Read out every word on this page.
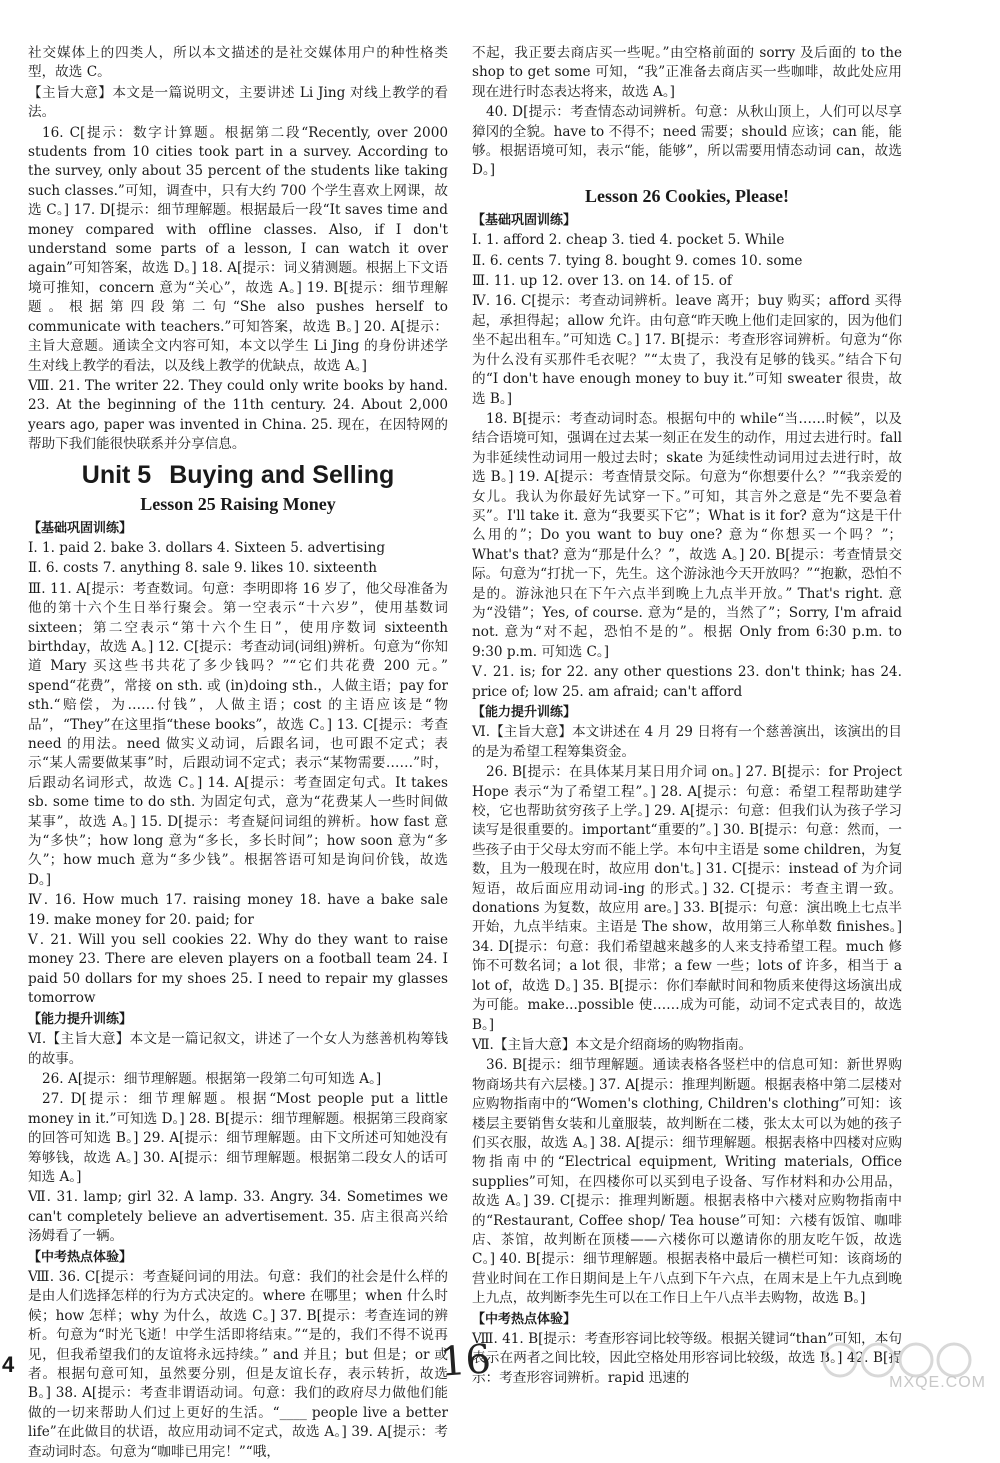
社交媒体上的四类人，所以本文描述的是社交媒体用户的种性格类型，故选 C。

【主旨大意】本文是一篇说明文，主要讲述 Li Jing 对线上教学的看法。

16. C[提示：数字计算题。根据第二段“Recently, over 2000 students from 10 cities took part in a survey. According to the survey, only about 35 percent of the students like taking such classes.”可知，调查中，只有大约 700 个学生喜欢上网课，故选 C。] 17. D[提示：细节理解题。根据最后一段“It saves time and money compared with offline classes. Also, if I don't understand some parts of a lesson, I can watch it over again”可知答案，故选 D。] 18. A[提示：词义猜测题。根据上下文语境可推知，concern 意为“关心”，故选 A。] 19. B[提示：细节理解题。根据第四段第二句“She also pushes herself to communicate with teachers.”可知答案，故选 B。] 20. A[提示：主旨大意题。通读全文内容可知，本文以学生 Li Jing 的身份讲述学生对线上教学的看法，以及线上教学的优缺点，故选 A。]

Ⅷ. 21. The writer 22. They could only write books by hand. 23. At the beginning of the 11th century. 24. About 2,000 years ago, paper was invented in China. 25. 现在，在因特网的帮助下我们能很快联系并分享信息。

Unit 5 Buying and Selling
Lesson 25 Raising Money
【基础巩固训练】

Ⅰ. 1. paid 2. bake 3. dollars 4. Sixteen 5. advertising

Ⅱ. 6. costs 7. anything 8. sale 9. likes 10. sixteenth

Ⅲ. 11. A[提示：考查数词。句意：李明即将 16 岁了，他父母准备为他的第十六个生日举行聚会。第一空表示“十六岁”，使用基数词 sixteen；第二空表示“第十六个生日”，使用序数词 sixteenth birthday，故选 A。] 12. C[提示：考查动词(词组)辨析。句意为“你知道 Mary 买这些书共花了多少钱吗？”“它们共花费 200 元。” spend“花费”，常接 on sth. 或 (in)doing sth.，人做主语；pay for sth.“赔偿，为……付钱”，人做主语；cost 的主语应该是“物品”，“They”在这里指“these books”，故选 C。] 13. C[提示：考查 need 的用法。need 做实义动词，后跟名词，也可跟不定式；表示“某人需要做某事”时，后跟动词不定式；表示“某物需要……”时，后跟动名词形式，故选 C。] 14. A[提示：考查固定句式。It takes sb. some time to do sth. 为固定句式，意为“花费某人一些时间做某事”，故选 A。] 15. D[提示：考查疑问词组的辨析。how fast 意为“多快”；how long 意为“多长，多长时间”；how soon 意为“多久”；how much 意为“多少钱”。根据答语可知是询问价钱，故选 D。]

Ⅳ. 16. How much 17. raising money 18. have a bake sale 19. make money for 20. paid; for

Ⅴ. 21. Will you sell cookies 22. Why do they want to raise money 23. There are eleven players on a football team 24. I paid 50 dollars for my shoes 25. I need to repair my glasses tomorrow

【能力提升训练】

Ⅵ.【主旨大意】本文是一篇记叙文，讲述了一个女人为慈善机构筹钱的故事。

26. A[提示：细节理解题。根据第一段第二句可知选 A。]

27. D[提示：细节理解题。根据“Most people put a little money in it.”可知选 D。] 28. B[提示：细节理解题。根据第三段商家的回答可知选 B。] 29. A[提示：细节理解题。由下文所述可知她没有筹够钱，故选 A。] 30. A[提示：细节理解题。根据第二段女人的话可知选 A。]

Ⅶ. 31. lamp; girl 32. A lamp. 33. Angry. 34. Sometimes we can't completely believe an advertisement. 35. 店主很高兴给汤姆看了一辆。

【中考热点体验】

Ⅷ. 36. C[提示：考查疑问词的用法。句意：我们的社会是什么样的是由人们选择怎样的行为方式决定的。where 在哪里；when 什么时候；how 怎样；why 为什么，故选 C。] 37. B[提示：考查连词的辨析。句意为“时光飞逝！中学生活即将结束。”“是的，我们不得不说再见，但我希望我们的友谊将永远持续。” and 并且；but 但是；or 或者。根据句意可知，虽然要分别，但是友谊长存，表示转折，故选 B。] 38. A[提示：考查非谓语动词。句意：我们的政府尽力做他们能做的一切来帮助人们过上更好的生活。“____ people live a better life”在此做目的状语，故应用动词不定式，故选 A。] 39. A[提示：考查动词时态。句意为“咖啡已用完！”“哦，

不起，我正要去商店买一些呢。”由空格前面的 sorry 及后面的 to the shop to get some 可知，“我”正准备去商店买一些咖啡，故此处应用现在进行时态表达将来，故选 A。]

40. D[提示：考查情态动词辨析。句意：从秋山顶上，人们可以尽享獐冈的全貌。have to 不得不；need 需要；should 应该；can 能，能够。根据语境可知，表示“能，能够”，所以需要用情态动词 can，故选 D。]

Lesson 26 Cookies, Please!
【基础巩固训练】

Ⅰ. 1. afford 2. cheap 3. tied 4. pocket 5. While

Ⅱ. 6. cents 7. tying 8. bought 9. comes 10. some

Ⅲ. 11. up 12. over 13. on 14. of 15. of

Ⅳ. 16. C[提示：考查动词辨析。leave 离开；buy 购买；afford 买得起，承担得起；allow 允许。由句意“昨天晚上他们走回家的，因为他们坐不起出租车。”可知选 C。] 17. B[提示：考查形容词辨析。句意为“你为什么没有买那件毛衣呢？”“太贵了，我没有足够的钱买。”结合下句的“I don't have enough money to buy it.”可知 sweater 很贵，故选 B。]

18. B[提示：考查动词时态。根据句中的 while“当……时候”，以及结合语境可知，强调在过去某一刻正在发生的动作，用过去进行时。fall 为非延续性动词用一般过去时；skate 为延续性动词用过去进行时，故选 B。] 19. A[提示：考查情景交际。句意为“你想要什么？”“我亲爱的女儿。我认为你最好先试穿一下。”可知，其言外之意是“先不要急着买”。I'll take it. 意为“我要买下它”；What is it for? 意为“这是干什么用的”；Do you want to buy one? 意为“你想买一个吗？”；What's that? 意为“那是什么？”，故选 A。] 20. B[提示：考查情景交际。句意为“打扰一下，先生。这个游泳池今天开放吗？”“抱歉，恐怕不是的。游泳池只在下午六点半到晚上九点半开放。” That's right. 意为“没错”；Yes, of course. 意为“是的，当然了”；Sorry, I'm afraid not. 意为“对不起，恐怕不是的”。根据 Only from 6:30 p.m. to 9:30 p.m. 可知选 C。]

Ⅴ. 21. is; for 22. any other questions 23. don't think; has 24. price of; low 25. am afraid; can't afford

【能力提升训练】

Ⅵ.【主旨大意】本文讲述在 4 月 29 日将有一个慈善演出，该演出的目的是为希望工程筹集资金。

26. B[提示：在具体某月某日用介词 on。] 27. B[提示：for Project Hope 表示“为了希望工程”。] 28. A[提示：句意：希望工程帮助建学校，它也帮助贫穷孩子上学。] 29. A[提示：句意：但我们认为孩子学习读写是很重要的。important“重要的”。] 30. B[提示：句意：然而，一些孩子由于父母太穷而不能上学。本句中主语是 some children，为复数，且为一般现在时，故应用 don't。] 31. C[提示：instead of 为介词短语，故后面应用动词-ing 的形式。] 32. C[提示：考查主谓一致。donations 为复数，故应用 are。] 33. B[提示：句意：演出晚上七点半开始，九点半结束。主语是 The show，故用第三人称单数 finishes。] 34. D[提示：句意：我们希望越来越多的人来支持希望工程。much 修饰不可数名词；a lot 很，非常；a few 一些；lots of 许多，相当于 a lot of，故选 D。] 35. B[提示：你们奉献时间和物质来使得这场演出成为可能。make...possible 使……成为可能，动词不定式表目的，故选 B。]

Ⅶ.【主旨大意】本文是介绍商场的购物指南。

36. B[提示：细节理解题。通读表格各竖栏中的信息可知：新世界购物商场共有六层楼。] 37. A[提示：推理判断题。根据表格中第二层楼对应购物指南中的“Women's clothing, Children's clothing”可知：该楼层主要销售女装和儿童服装，故判断在二楼，张太太可以为她的孩子们买衣服，故选 A。] 38. A[提示：细节理解题。根据表格中四楼对应购物指南中的“Electrical equipment, Writing materials, Office supplies”可知，在四楼你可以买到电子设备、写作材料和办公用品，故选 A。] 39. C[提示：推理判断题。根据表格中六楼对应购物指南中的“Restaurant, Coffee shop/ Tea house”可知：六楼有饭馆、咖啡店、茶馆，故判断在顶楼——六楼你可以邀请你的朋友吃午饭，故选 C。] 40. B[提示：细节理解题。根据表格中最后一横栏可知：该商场的营业时间在工作日期间是上午八点到下午六点，在周末是上午九点到晚上九点，故判断李先生可以在工作日上午八点半去购物，故选 B。]

【中考热点体验】

Ⅷ. 41. B[提示：考查形容词比较等级。根据关键词“than”可知，本句表示在两者之间比较，因此空格处用形容词比较级，故选 B。] 42. B[提示：考查形容词辨析。rapid 迅速的

4	16	MXQE.COM
